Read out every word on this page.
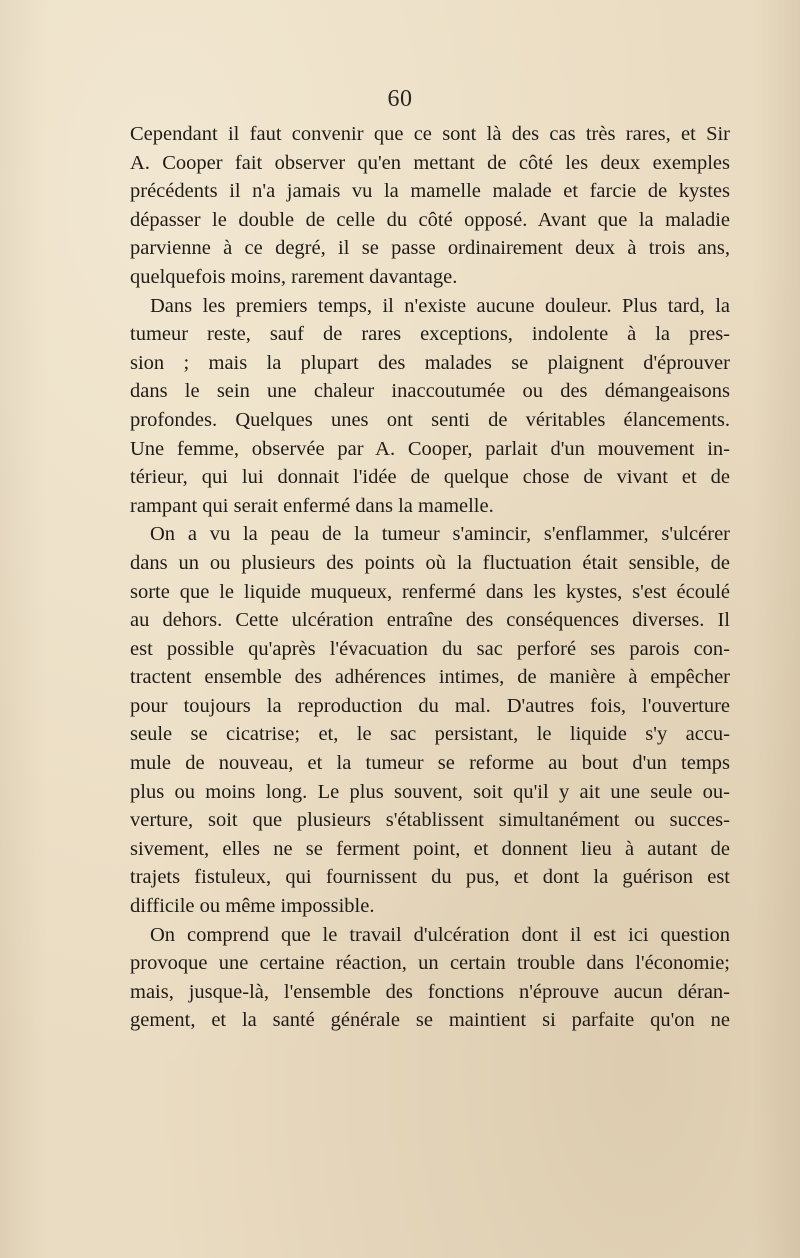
60
Cependant il faut convenir que ce sont là des cas très rares, et Sir
A. Cooper fait observer qu'en mettant de côté les deux exemples
précédents il n'a jamais vu la mamelle malade et farcie de kystes
dépasser le double de celle du côté opposé. Avant que la maladie
parvienne à ce degré, il se passe ordinairement deux à trois ans,
quelquefois moins, rarement davantage.
Dans les premiers temps, il n'existe aucune douleur. Plus tard, la
tumeur reste, sauf de rares exceptions, indolente à la pres-
sion ; mais la plupart des malades se plaignent d'éprouver
dans le sein une chaleur inaccoutumée ou des démangeaisons
profondes. Quelques unes ont senti de véritables élancements.
Une femme, observée par A. Cooper, parlait d'un mouvement in-
térieur, qui lui donnait l'idée de quelque chose de vivant et de
rampant qui serait enfermé dans la mamelle.
On a vu la peau de la tumeur s'amincir, s'enflammer, s'ulcérer
dans un ou plusieurs des points où la fluctuation était sensible, de
sorte que le liquide muqueux, renfermé dans les kystes, s'est écoulé
au dehors. Cette ulcération entraîne des conséquences diverses. Il
est possible qu'après l'évacuation du sac perforé ses parois con-
tractent ensemble des adhérences intimes, de manière à empêcher
pour toujours la reproduction du mal. D'autres fois, l'ouverture
seule se cicatrise; et, le sac persistant, le liquide s'y accu-
mule de nouveau, et la tumeur se reforme au bout d'un temps
plus ou moins long. Le plus souvent, soit qu'il y ait une seule ou-
verture, soit que plusieurs s'établissent simultanément ou succes-
sivement, elles ne se ferment point, et donnent lieu à autant de
trajets fistuleux, qui fournissent du pus, et dont la guérison est
difficile ou même impossible.
On comprend que le travail d'ulcération dont il est ici question
provoque une certaine réaction, un certain trouble dans l'économie;
mais, jusque-là, l'ensemble des fonctions n'éprouve aucun déran-
gement, et la santé générale se maintient si parfaite qu'on ne
